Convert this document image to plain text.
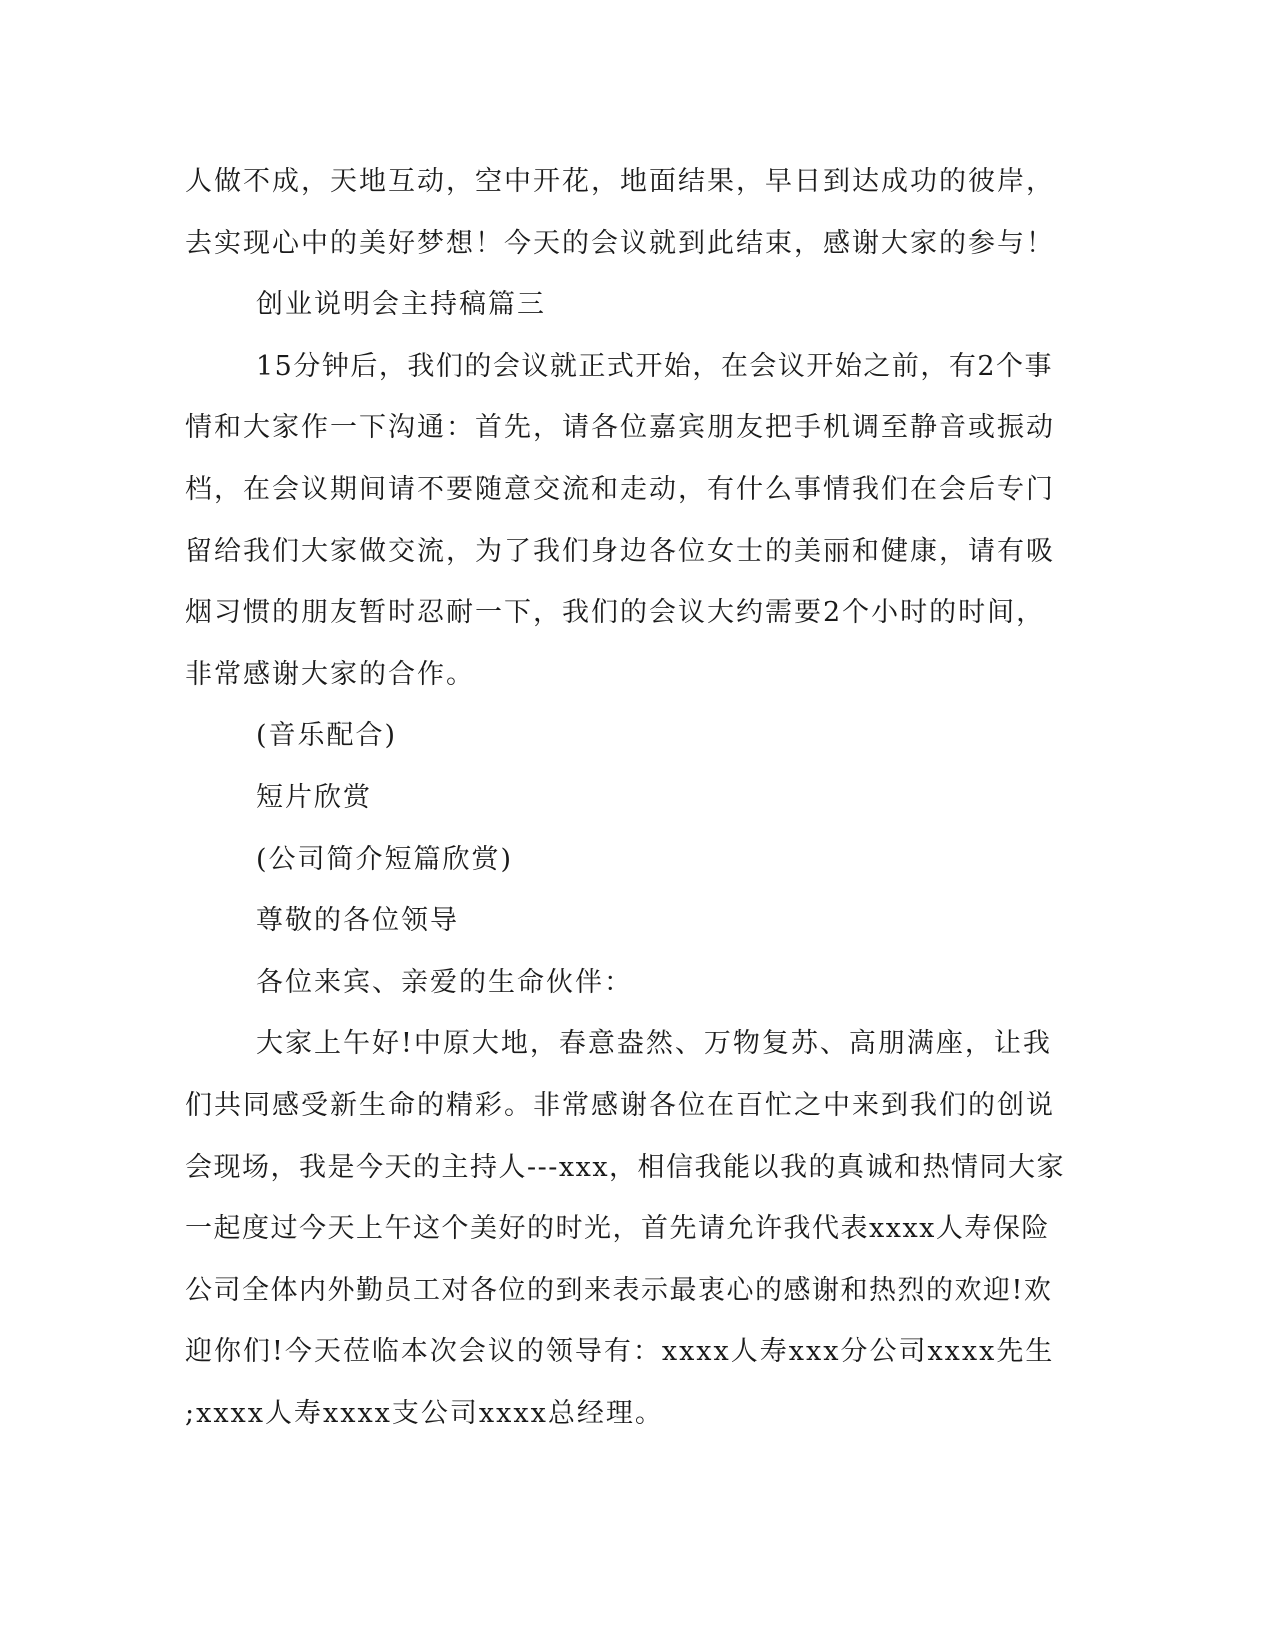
人做不成，天地互动，空中开花，地面结果，早日到达成功的彼岸，
去实现心中的美好梦想！今天的会议就到此结束，感谢大家的参与！
创业说明会主持稿篇三
15分钟后，我们的会议就正式开始，在会议开始之前，有2个事
情和大家作一下沟通：首先，请各位嘉宾朋友把手机调至静音或振动
档，在会议期间请不要随意交流和走动，有什么事情我们在会后专门
留给我们大家做交流，为了我们身边各位女士的美丽和健康，请有吸
烟习惯的朋友暂时忍耐一下，我们的会议大约需要2个小时的时间，
非常感谢大家的合作。
(音乐配合)
短片欣赏
(公司简介短篇欣赏)
尊敬的各位领导
各位来宾、亲爱的生命伙伴：
大家上午好!中原大地，春意盎然、万物复苏、高朋满座，让我
们共同感受新生命的精彩。非常感谢各位在百忙之中来到我们的创说
会现场，我是今天的主持人---xxx，相信我能以我的真诚和热情同大家
一起度过今天上午这个美好的时光，首先请允许我代表xxxx人寿保险
公司全体内外勤员工对各位的到来表示最衷心的感谢和热烈的欢迎!欢
迎你们!今天莅临本次会议的领导有：xxxx人寿xxx分公司xxxx先生
;xxxx人寿xxxx支公司xxxx总经理。
